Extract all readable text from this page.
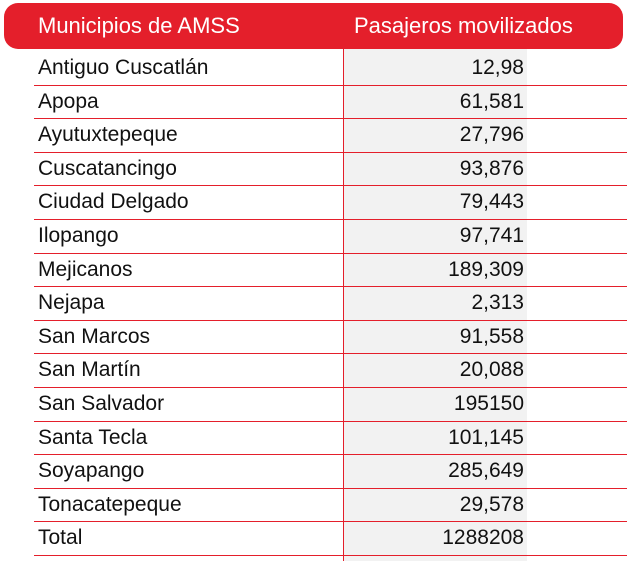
Municipios de AMSS	Pasajeros movilizados
Antiguo Cuscatlán	12,98
Apopa	61,581
Ayutuxtepeque	27,796
Cuscatancingo	93,876
Ciudad Delgado	79,443
Ilopango	97,741
Mejicanos	189,309
Nejapa	2,313
San Marcos	91,558
San Martín	20,088
San Salvador	195150
Santa Tecla	101,145
Soyapango	285,649
Tonacatepeque	29,578
Total	1288208
